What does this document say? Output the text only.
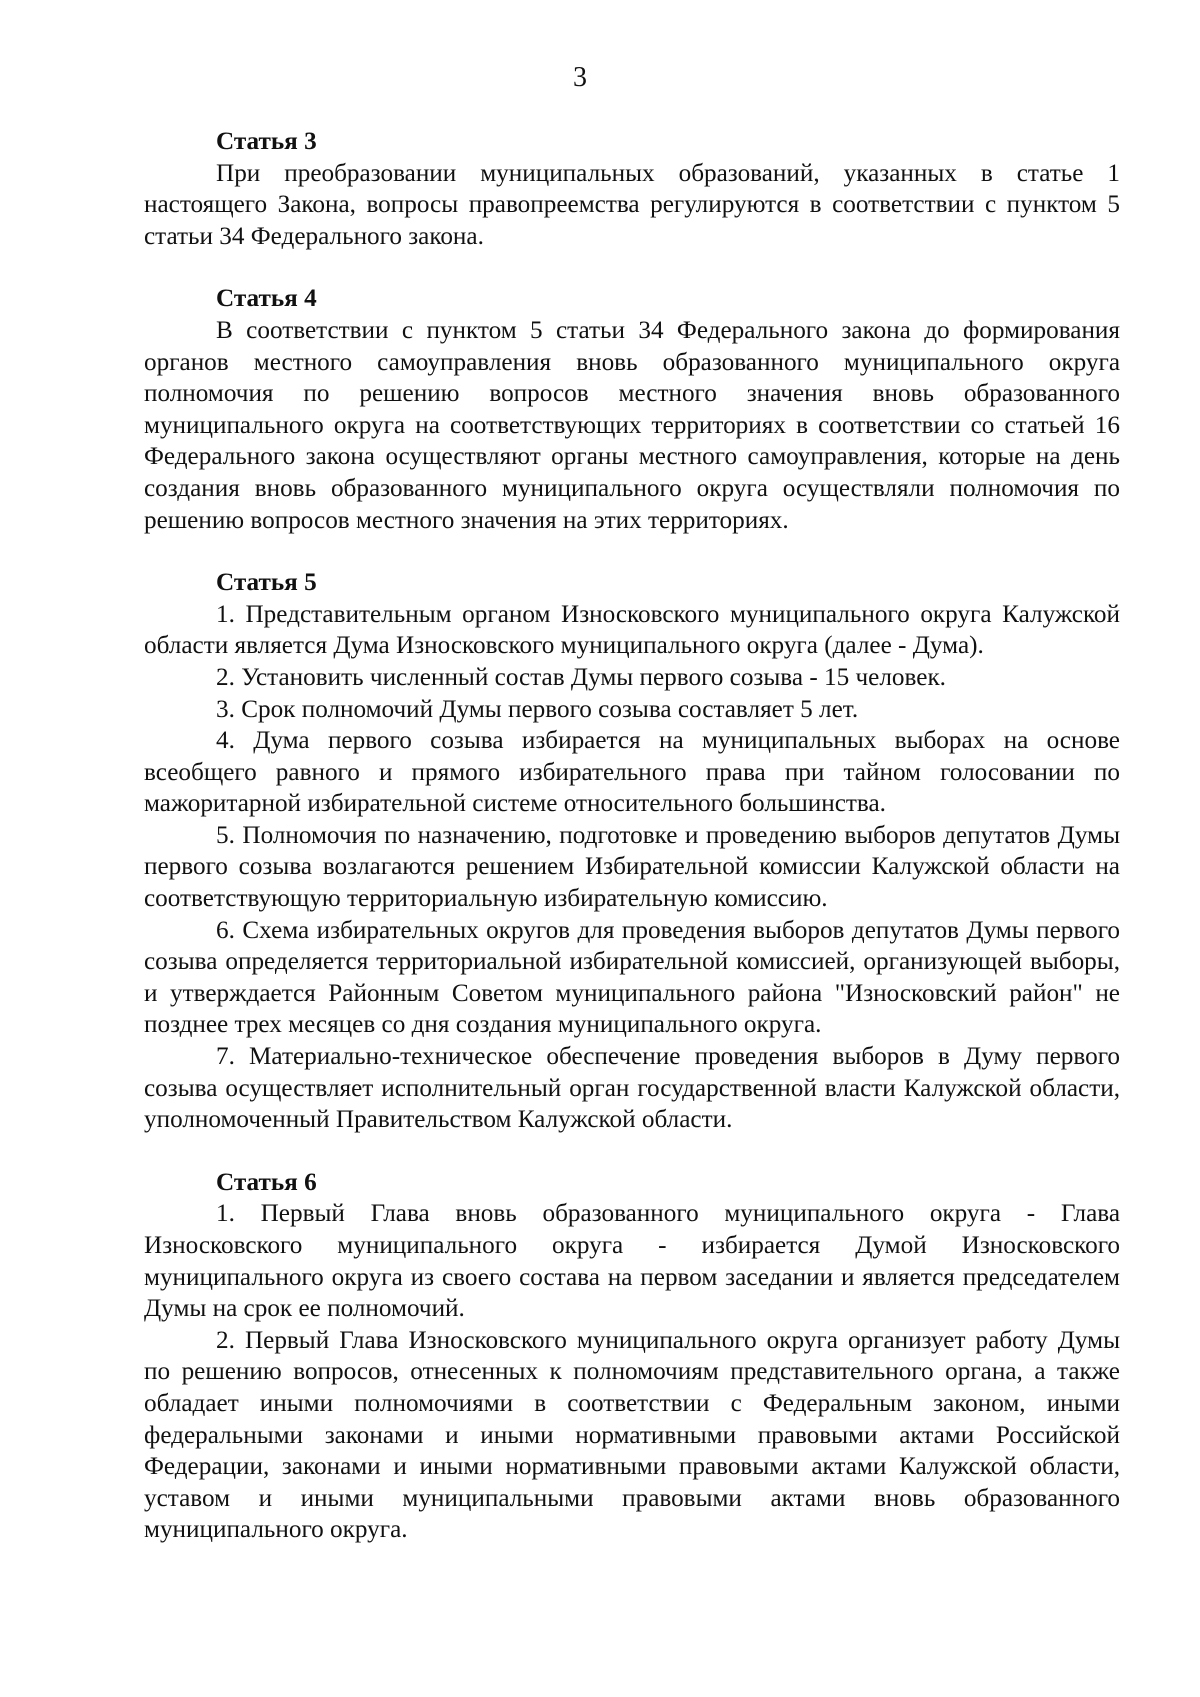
3

Статья 3

При преобразовании муниципальных образований, указанных в статье 1 настоящего Закона, вопросы правопреемства регулируются в соответствии с пунктом 5 статьи 34 Федерального закона.

Статья 4

В соответствии с пунктом 5 статьи 34 Федерального закона до формирования органов местного самоуправления вновь образованного муниципального округа полномочия по решению вопросов местного значения вновь образованного муниципального округа на соответствующих территориях в соответствии со статьей 16 Федерального закона осуществляют органы местного самоуправления, которые на день создания вновь образованного муниципального округа осуществляли полномочия по решению вопросов местного значения на этих территориях.

Статья 5

1. Представительным органом Износковского муниципального округа Калужской области является Дума Износковского муниципального округа (далее - Дума).

2. Установить численный состав Думы первого созыва - 15 человек.

3. Срок полномочий Думы первого созыва составляет 5 лет.

4. Дума первого созыва избирается на муниципальных выборах на основе всеобщего равного и прямого избирательного права при тайном голосовании по мажоритарной избирательной системе относительного большинства.

5. Полномочия по назначению, подготовке и проведению выборов депутатов Думы первого созыва возлагаются решением Избирательной комиссии Калужской области на соответствующую территориальную избирательную комиссию.

6. Схема избирательных округов для проведения выборов депутатов Думы первого созыва определяется территориальной избирательной комиссией, организующей выборы, и утверждается Районным Советом муниципального района "Износковский район" не позднее трех месяцев со дня создания муниципального округа.

7. Материально-техническое обеспечение проведения выборов в Думу первого созыва осуществляет исполнительный орган государственной власти Калужской области, уполномоченный Правительством Калужской области.

Статья 6

1. Первый Глава вновь образованного муниципального округа - Глава Износковского муниципального округа - избирается Думой Износковского муниципального округа из своего состава на первом заседании и является председателем Думы на срок ее полномочий.

2. Первый Глава Износковского муниципального округа организует работу Думы по решению вопросов, отнесенных к полномочиям представительного органа, а также обладает иными полномочиями в соответствии с Федеральным законом, иными федеральными законами и иными нормативными правовыми актами Российской Федерации, законами и иными нормативными правовыми актами Калужской области, уставом и иными муниципальными правовыми актами вновь образованного муниципального округа.
